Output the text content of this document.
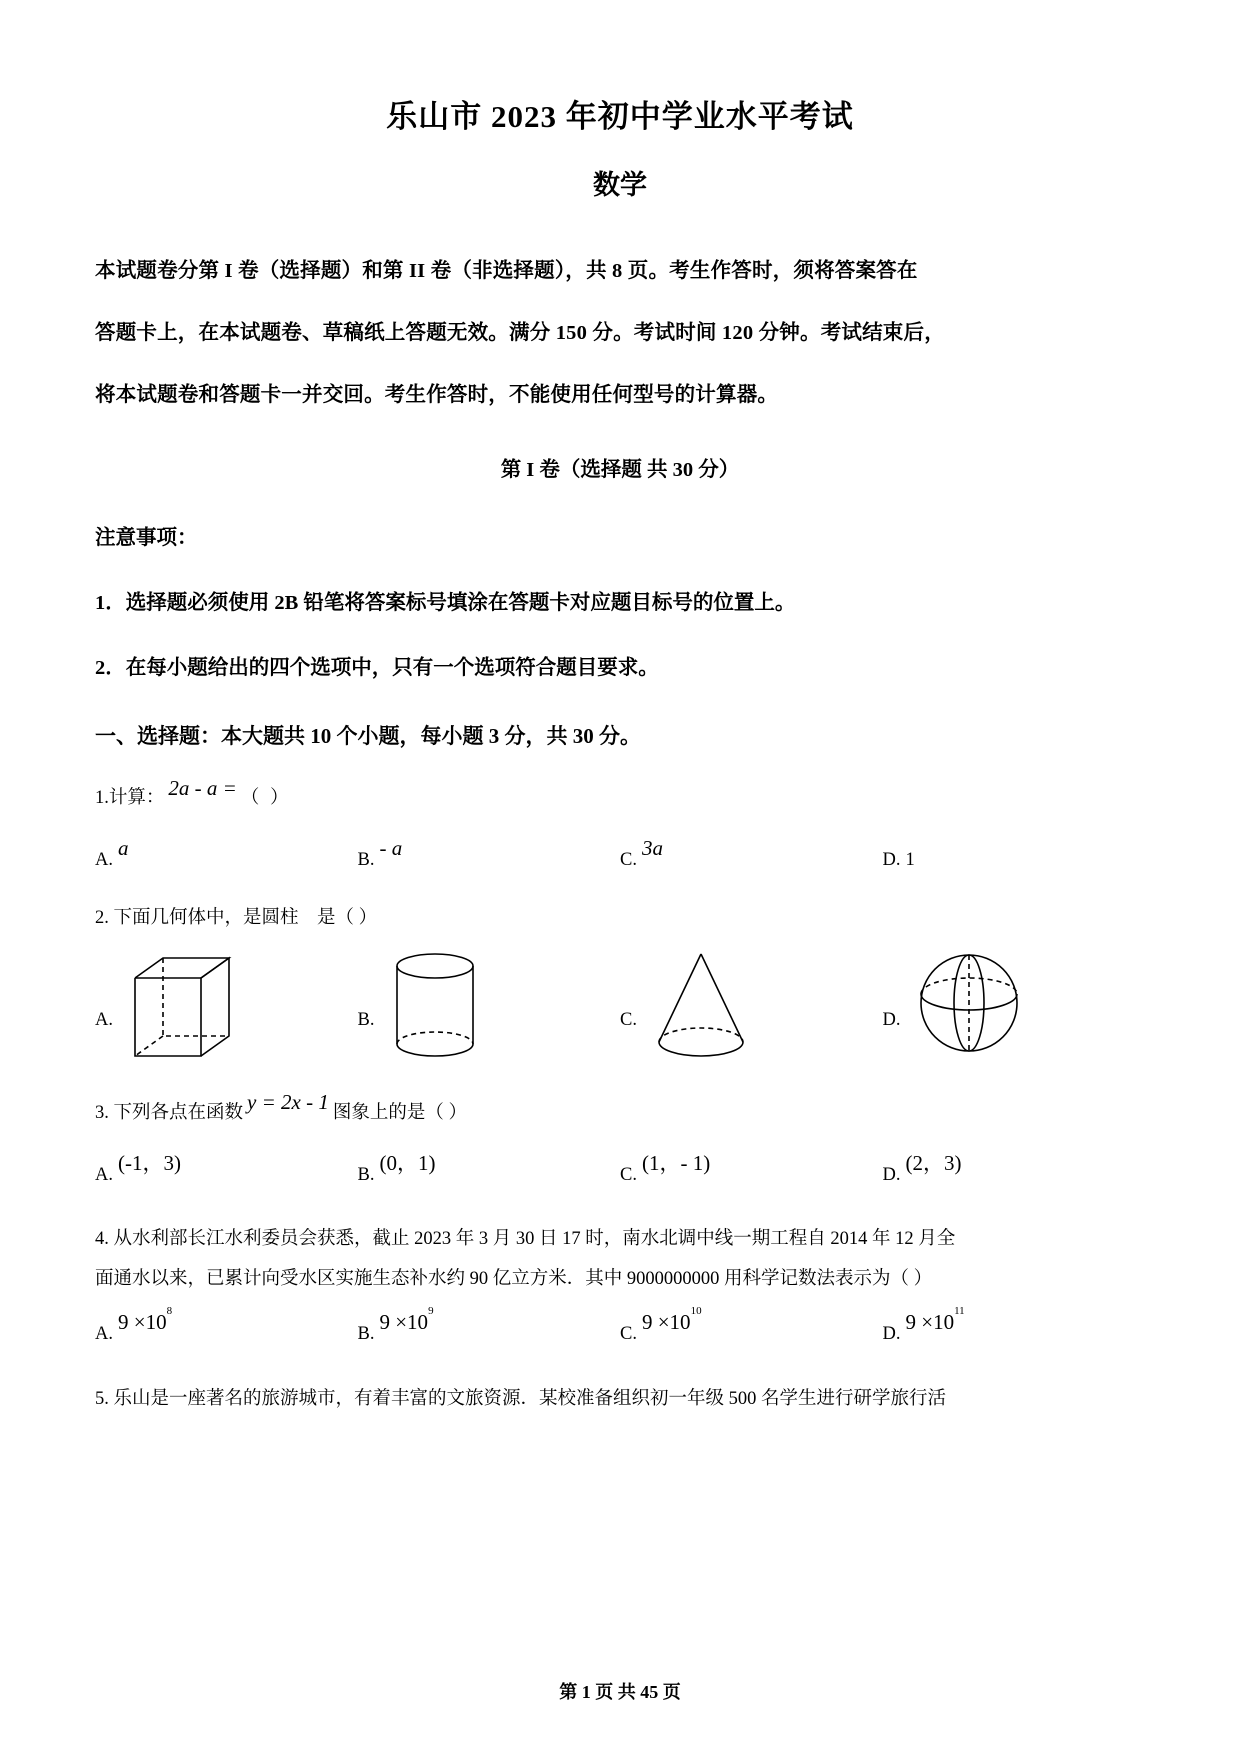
乐山市 2023 年初中学业水平考试
数学
本试题卷分第 I 卷（选择题）和第 II 卷（非选择题），共 8 页。考生作答时，须将答案答在
答题卡上，在本试题卷、草稿纸上答题无效。满分 150 分。考试时间 120 分钟。考试结束后，
将本试题卷和答题卡一并交回。考生作答时，不能使用任何型号的计算器。
第 I 卷（选择题 共 30 分）
注意事项：
1．选择题必须使用 2B 铅笔将答案标号填涂在答题卡对应题目标号的位置上。
2．在每小题给出的四个选项中，只有一个选项符合题目要求。
一、选择题：本大题共 10 个小题，每小题 3 分，共 30 分。
1. 计算： 2a - a = （ ）
A. a	B. - a	C. 3a	D. 1
2. 下面几何体中，是圆柱　是（ ）
A.	B.	C.	D.
3. 下列各点在函数 y = 2x - 1 图象上的是（ ）
A. (-1，3)	B. (0，1)	C. (1，- 1)	D. (2，3)
4. 从水利部长江水利委员会获悉，截止 2023 年 3 月 30 日 17 时，南水北调中线一期工程自 2014 年 12 月全
面通水以来，已累计向受水区实施生态补水约 90 亿立方米．其中 9000000000 用科学记数法表示为（ ）
A. $9 \times 10^8$
B. $9 \times 10^9$
C. $9 \times 10^{10}$
D. $9 \times 10^{11}$
5. 乐山是一座著名的旅游城市，有着丰富的文旅资源．某校准备组织初一年级 500 名学生进行研学旅行活
第 1 页 共 45 页
